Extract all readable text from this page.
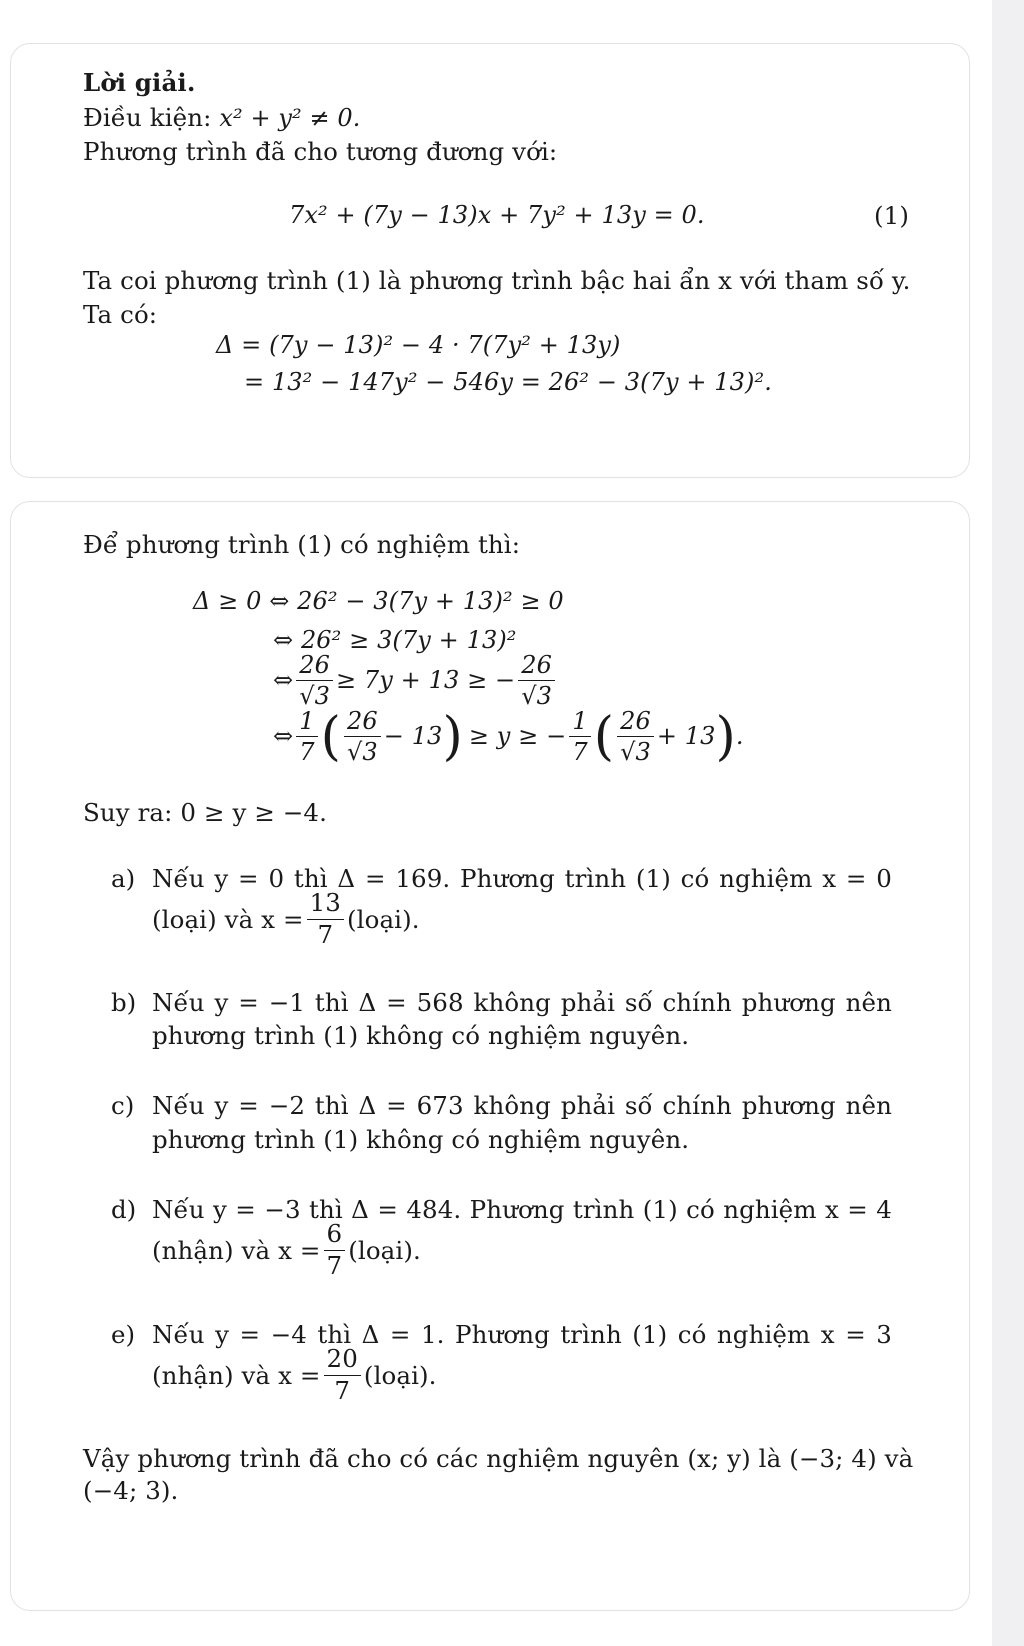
Lời giải.
Điều kiện: x² + y² ≠ 0.
Phương trình đã cho tương đương với:
7x² + (7y − 13)x + 7y² + 13y = 0.	(1)
Ta coi phương trình (1) là phương trình bậc hai ẩn x với tham số y.
Ta có:
Δ = (7y − 13)² − 4 · 7(7y² + 13y)
= 13² − 147y² − 546y = 26² − 3(7y + 13)².
Để phương trình (1) có nghiệm thì:
Δ ≥ 0 ⇔ 26² − 3(7y + 13)² ≥ 0
⇔ 26² ≥ 3(7y + 13)²
⇔ $\frac{26}{√3} \ge 7y + 13$ ≥ − $\frac{26}{√3}$
⇔ $\frac{1}{7}$ ( $\frac{26}{√3} - 13$ ) ≥ y ≥ − $\frac{1}{7}$ ( $\frac{26}{√3} + 13$ ) .
Suy ra: 0 ≥ y ≥ −4.
a) Nếu y = 0 thì Δ = 169. Phương trình (1) có nghiệm x = 0
(loại) và $x = \frac{13}{7}$ (loại).
b) Nếu y = −1 thì Δ = 568 không phải số chính phương nên
phương trình (1) không có nghiệm nguyên.
c) Nếu y = −2 thì Δ = 673 không phải số chính phương nên
phương trình (1) không có nghiệm nguyên.
d) Nếu y = −3 thì Δ = 484. Phương trình (1) có nghiệm x = 4
(nhận) và $x = \frac{6}{7}$ (loại).
e) Nếu y = −4 thì Δ = 1. Phương trình (1) có nghiệm x = 3
(nhận) và $x = \frac{20}{7}$ (loại).
Vậy phương trình đã cho có các nghiệm nguyên (x; y) là (−3; 4) và
(−4; 3).
